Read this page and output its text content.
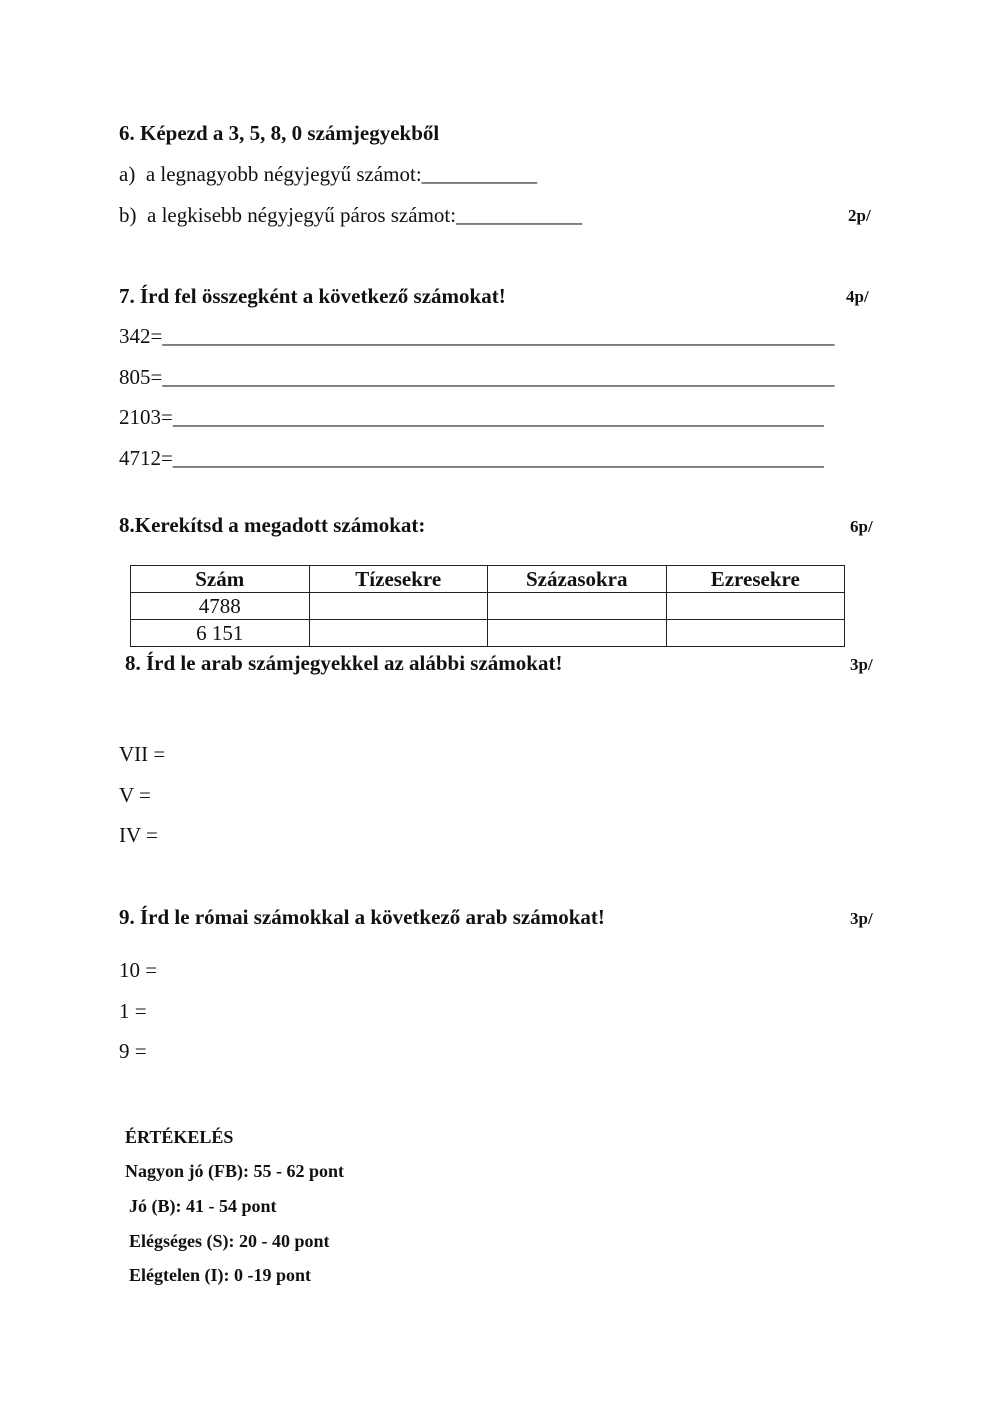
6. Képezd a 3, 5, 8, 0 számjegyekből
a)  a legnagyobb négyjegyű számot:___________
b)  a legkisebb négyjegyű páros számot:____________	2p/
7. Írd fel összegként a következő számokat!	4p/
342=________________________________________________________________
805=________________________________________________________________
2103=______________________________________________________________
4712=______________________________________________________________
8.Kerekítsd a megadott számokat:	6p/
Szám	Tízesekre	Százasokra	Ezresekre
4788			
6 151			
8. Írd le arab számjegyekkel az alábbi számokat!	3p/
VII =
V =
IV =
9. Írd le római számokkal a következő arab számokat!	3p/
10 =
1 =
9 =
ÉRTÉKELÉS
Nagyon jó (FB): 55 - 62 pont
Jó (B): 41 - 54 pont
Elégséges (S): 20 - 40 pont
Elégtelen (I): 0 -19 pont
